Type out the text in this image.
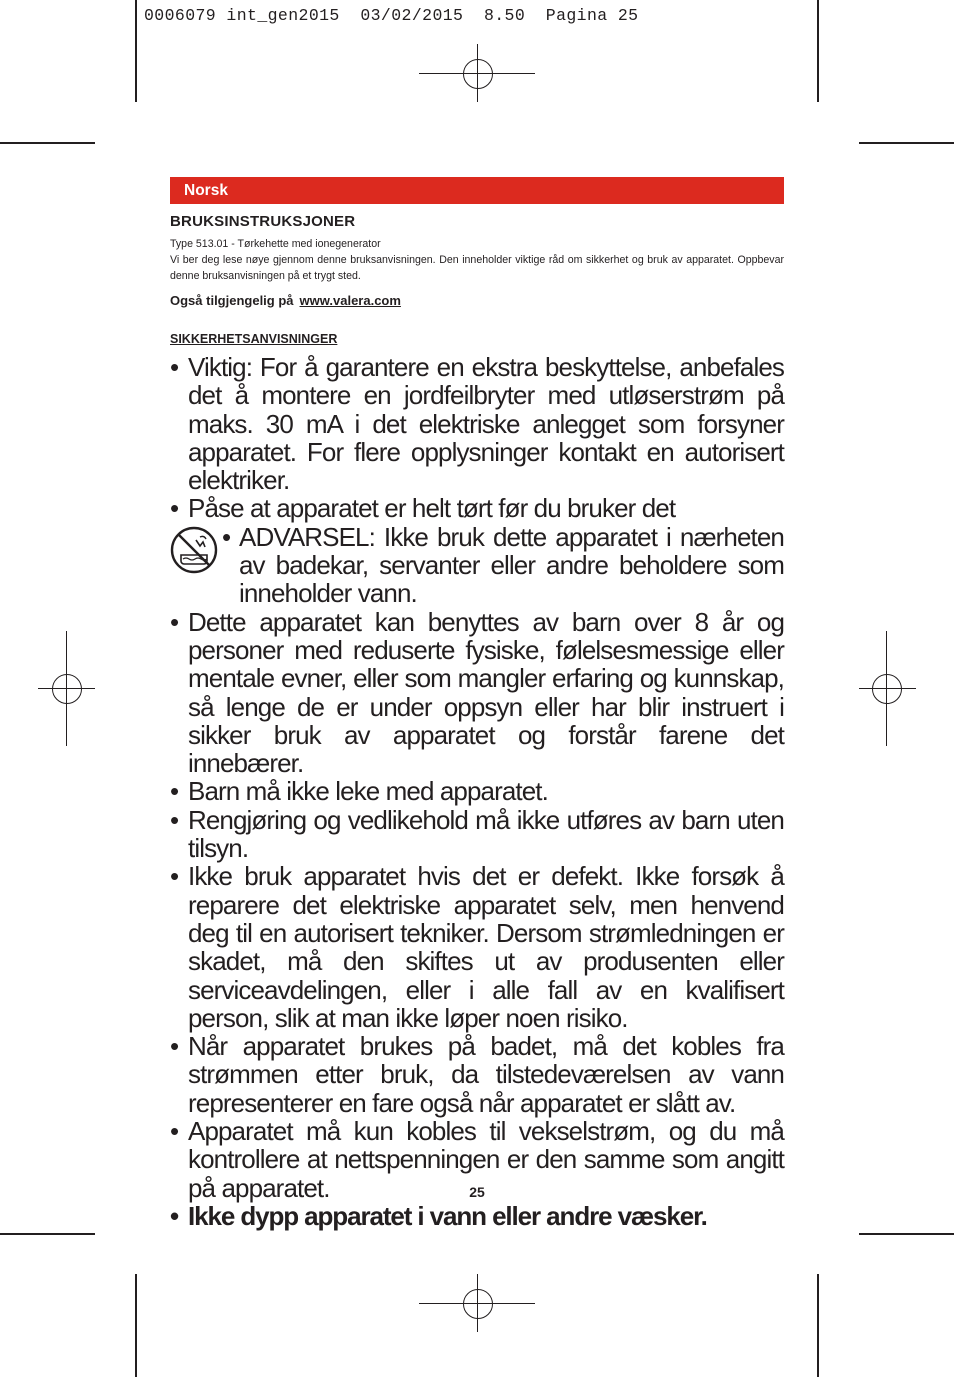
0006079 int_gen2015  03/02/2015  8.50  Pagina 25
Norsk
BRUKSINSTRUKSJONER
Type 513.01 - Tørkehette med ionegenerator
Vi ber deg lese nøye gjennom denne bruksanvisningen. Den inneholder viktige råd om sikkerhet og bruk av apparatet. Oppbevar denne bruksanvisningen på et trygt sted.
Også tilgjengelig på www.valera.com
SIKKERHETSANVISNINGER
• Viktig: For å garantere en ekstra beskyttelse, anbefales det å montere en jordfeilbryter med utløserstrøm på maks. 30 mA i det elektriske anlegget som forsyner apparatet. For flere opplysninger kontakt en autorisert elektriker.
• Påse at apparatet er helt tørt før du bruker det
• ADVARSEL: Ikke bruk dette apparatet i nærheten av badekar, servanter eller andre beholdere som inneholder vann.
• Dette apparatet kan benyttes av barn over 8 år og personer med reduserte fysiske, følelsesmessige eller mentale evner, eller som mangler erfaring og kunnskap, så lenge de er under oppsyn eller har blir instruert i sikker bruk av apparatet og forstår farene det innebærer.
• Barn må ikke leke med apparatet.
• Rengjøring og vedlikehold må ikke utføres av barn uten tilsyn.
• Ikke bruk apparatet hvis det er defekt. Ikke forsøk å reparere det elektriske apparatet selv, men henvend deg til en autorisert tekniker. Dersom strømledningen er skadet, må den skiftes ut av produsenten eller serviceavdelingen, eller i alle fall av en kvalifisert person, slik at man ikke løper noen risiko.
• Når apparatet brukes på badet, må det kobles fra strømmen etter bruk, da tilstedeværelsen av vann representerer en fare også når apparatet er slått av.
• Apparatet må kun kobles til vekselstrøm, og du må kontrollere at nettspenningen er den samme som angitt på apparatet.
• Ikke dypp apparatet i vann eller andre væsker.
25
